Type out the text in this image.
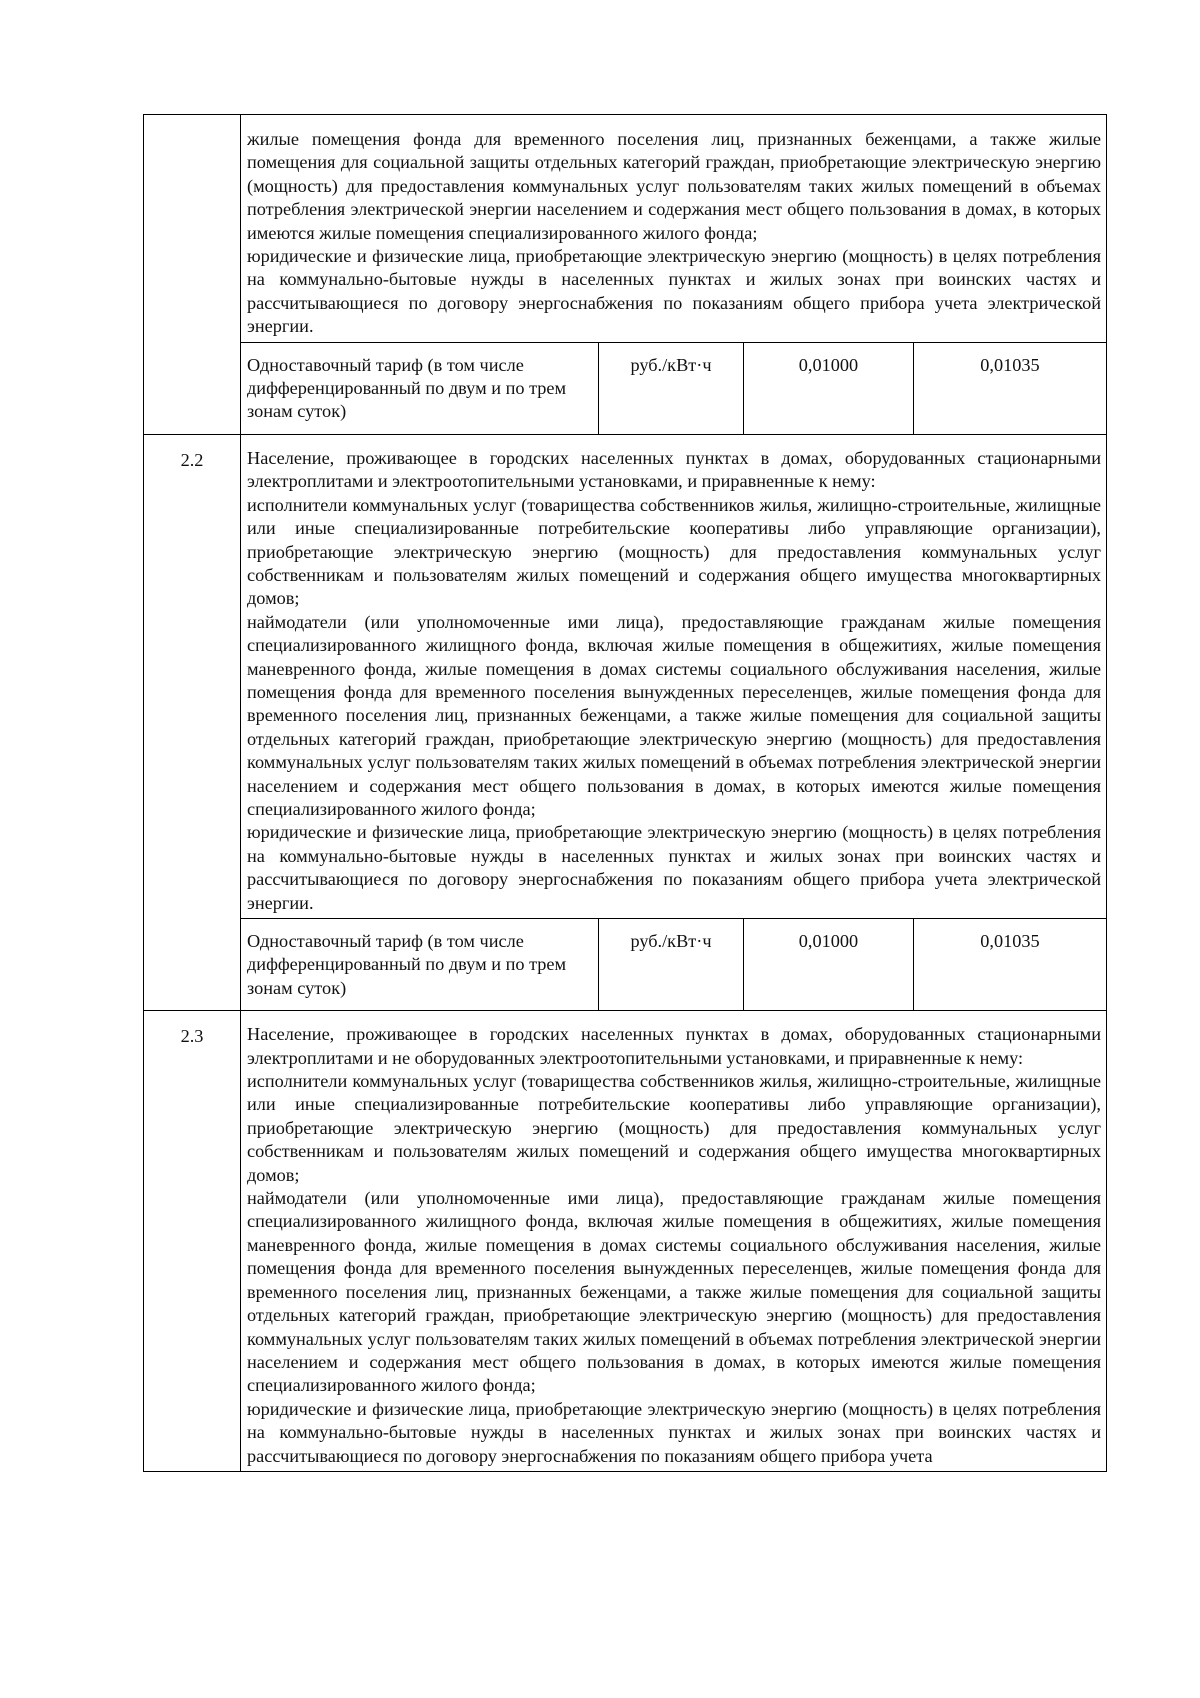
жилые помещения фонда для временного поселения лиц, признанных беженцами, а также жилые помещения для социальной защиты отдельных категорий граждан, приобретающие электрическую энергию (мощность) для предоставления коммунальных услуг пользователям таких жилых помещений в объемах потребления электрической энергии населением и содержания мест общего пользования в домах, в которых имеются жилые помещения специализированного жилого фонда;

юридические и физические лица, приобретающие электрическую энергию (мощность) в целях потребления на коммунально-бытовые нужды в населенных пунктах и жилых зонах при воинских частях и рассчитывающиеся по договору энергоснабжения по показаниям общего прибора учета электрической энергии.

Одноставочный тариф (в том числе дифференцированный по двум и по трем зонам суток)	руб./кВт·ч	0,01000	0,01035

2.2	Население, проживающее в городских населенных пунктах в домах, оборудованных стационарными электроплитами и электроотопительными установками, и приравненные к нему:

исполнители коммунальных услуг (товарищества собственников жилья, жилищно-строительные, жилищные или иные специализированные потребительские кооперативы либо управляющие организации), приобретающие электрическую энергию (мощность) для предоставления коммунальных услуг собственникам и пользователям жилых помещений и содержания общего имущества многоквартирных домов;

наймодатели (или уполномоченные ими лица), предоставляющие гражданам жилые помещения специализированного жилищного фонда, включая жилые помещения в общежитиях, жилые помещения маневренного фонда, жилые помещения в домах системы социального обслуживания населения, жилые помещения фонда для временного поселения вынужденных переселенцев, жилые помещения фонда для временного поселения лиц, признанных беженцами, а также жилые помещения для социальной защиты отдельных категорий граждан, приобретающие электрическую энергию (мощность) для предоставления коммунальных услуг пользователям таких жилых помещений в объемах потребления электрической энергии населением и содержания мест общего пользования в домах, в которых имеются жилые помещения специализированного жилого фонда;

юридические и физические лица, приобретающие электрическую энергию (мощность) в целях потребления на коммунально-бытовые нужды в населенных пунктах и жилых зонах при воинских частях и рассчитывающиеся по договору энергоснабжения по показаниям общего прибора учета электрической энергии.

Одноставочный тариф (в том числе дифференцированный по двум и по трем зонам суток)	руб./кВт·ч	0,01000	0,01035

2.3	Население, проживающее в городских населенных пунктах в домах, оборудованных стационарными электроплитами и не оборудованных электроотопительными установками, и приравненные к нему:

исполнители коммунальных услуг (товарищества собственников жилья, жилищно-строительные, жилищные или иные специализированные потребительские кооперативы либо управляющие организации), приобретающие электрическую энергию (мощность) для предоставления коммунальных услуг собственникам и пользователям жилых помещений и содержания общего имущества многоквартирных домов;

наймодатели (или уполномоченные ими лица), предоставляющие гражданам жилые помещения специализированного жилищного фонда, включая жилые помещения в общежитиях, жилые помещения маневренного фонда, жилые помещения в домах системы социального обслуживания населения, жилые помещения фонда для временного поселения вынужденных переселенцев, жилые помещения фонда для временного поселения лиц, признанных беженцами, а также жилые помещения для социальной защиты отдельных категорий граждан, приобретающие электрическую энергию (мощность) для предоставления коммунальных услуг пользователям таких жилых помещений в объемах потребления электрической энергии населением и содержания мест общего пользования в домах, в которых имеются жилые помещения специализированного жилого фонда;

юридические и физические лица, приобретающие электрическую энергию (мощность) в целях потребления на коммунально-бытовые нужды в населенных пунктах и жилых зонах при воинских частях и рассчитывающиеся по договору энергоснабжения по показаниям общего прибора учета
